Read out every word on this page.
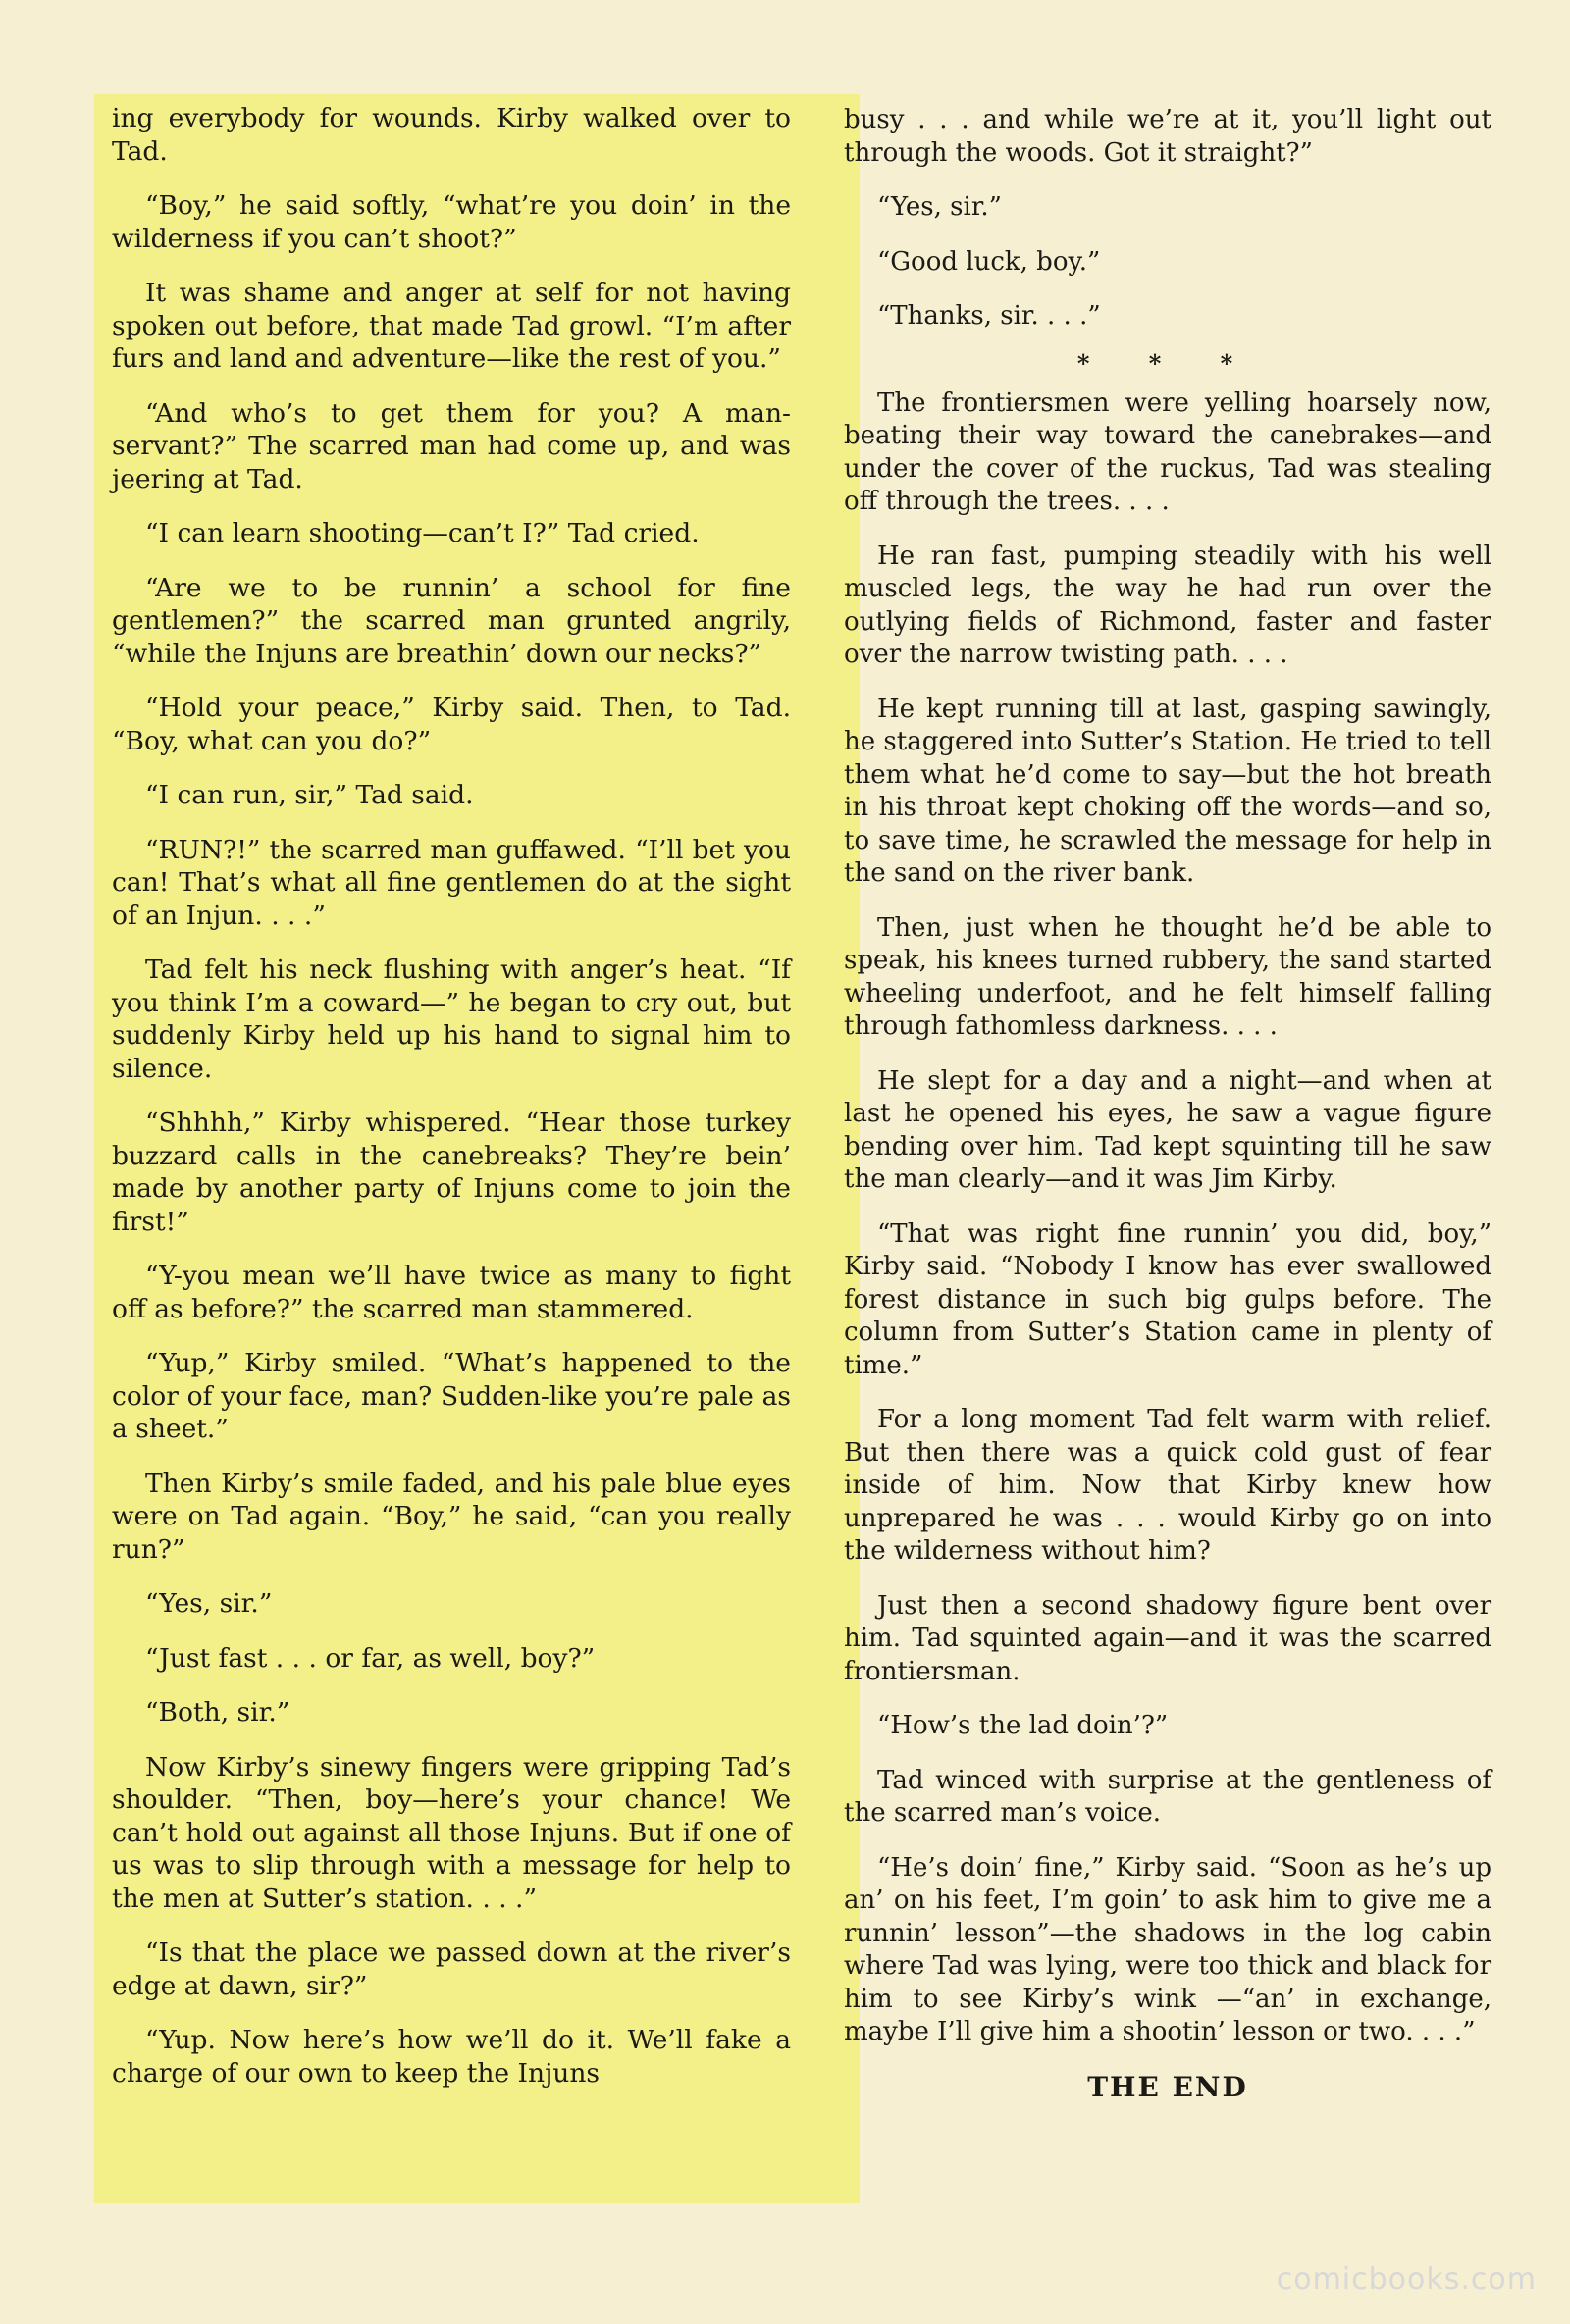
ing everybody for wounds. Kirby walked over to Tad.

“Boy,” he said softly, “what’re you doin’ in the wilderness if you can’t shoot?”

It was shame and anger at self for not having spoken out before, that made Tad growl. “I’m after furs and land and adventure—like the rest of you.”

“And who’s to get them for you? A man-servant?” The scarred man had come up, and was jeering at Tad.

“I can learn shooting—can’t I?” Tad cried.

“Are we to be runnin’ a school for fine gentlemen?” the scarred man grunted angrily, “while the Injuns are breathin’ down our necks?”

“Hold your peace,” Kirby said. Then, to Tad. “Boy, what can you do?”

“I can run, sir,” Tad said.

“RUN?!” the scarred man guffawed. “I’ll bet you can! That’s what all fine gentlemen do at the sight of an Injun. . . .”

Tad felt his neck flushing with anger’s heat. “If you think I’m a coward—” he began to cry out, but suddenly Kirby held up his hand to signal him to silence.

“Shhhh,” Kirby whispered. “Hear those turkey buzzard calls in the canebreaks? They’re bein’ made by another party of Injuns come to join the first!”

“Y-you mean we’ll have twice as many to fight off as before?” the scarred man stammered.

“Yup,” Kirby smiled. “What’s happened to the color of your face, man? Sudden-like you’re pale as a sheet.”

Then Kirby’s smile faded, and his pale blue eyes were on Tad again. “Boy,” he said, “can you really run?”

“Yes, sir.”

“Just fast . . . or far, as well, boy?”

“Both, sir.”

Now Kirby’s sinewy fingers were gripping Tad’s shoulder. “Then, boy—here’s your chance! We can’t hold out against all those Injuns. But if one of us was to slip through with a message for help to the men at Sutter’s station. . . .”

“Is that the place we passed down at the river’s edge at dawn, sir?”

“Yup. Now here’s how we’ll do it. We’ll fake a charge of our own to keep the Injuns

busy . . . and while we’re at it, you’ll light out through the woods. Got it straight?”

“Yes, sir.”

“Good luck, boy.”

“Thanks, sir. . . .”

* * *

The frontiersmen were yelling hoarsely now, beating their way toward the canebrakes—and under the cover of the ruckus, Tad was stealing off through the trees. . . .

He ran fast, pumping steadily with his well muscled legs, the way he had run over the outlying fields of Richmond, faster and faster over the narrow twisting path. . . .

He kept running till at last, gasping sawingly, he staggered into Sutter’s Station. He tried to tell them what he’d come to say—but the hot breath in his throat kept choking off the words—and so, to save time, he scrawled the message for help in the sand on the river bank.

Then, just when he thought he’d be able to speak, his knees turned rubbery, the sand started wheeling underfoot, and he felt himself falling through fathomless darkness. . . .

He slept for a day and a night—and when at last he opened his eyes, he saw a vague figure bending over him. Tad kept squinting till he saw the man clearly—and it was Jim Kirby.

“That was right fine runnin’ you did, boy,” Kirby said. “Nobody I know has ever swallowed forest distance in such big gulps before. The column from Sutter’s Station came in plenty of time.”

For a long moment Tad felt warm with relief. But then there was a quick cold gust of fear inside of him. Now that Kirby knew how unprepared he was . . . would Kirby go on into the wilderness without him?

Just then a second shadowy figure bent over him. Tad squinted again—and it was the scarred frontiersman.

“How’s the lad doin’?”

Tad winced with surprise at the gentleness of the scarred man’s voice.

“He’s doin’ fine,” Kirby said. “Soon as he’s up an’ on his feet, I’m goin’ to ask him to give me a runnin’ lesson”—the shadows in the log cabin where Tad was lying, were too thick and black for him to see Kirby’s wink —“an’ in exchange, maybe I’ll give him a shootin’ lesson or two. . . .”

THE END
comicbooks.com
